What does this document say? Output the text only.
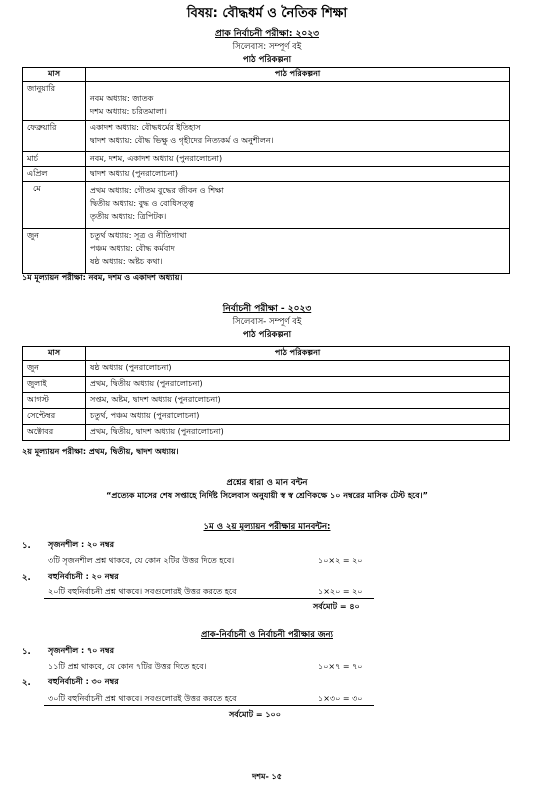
বিষয়: বৌদ্ধধর্ম ও নৈতিক শিক্ষা
প্রাক নির্বাচনী পরীক্ষা: ২০২৩
সিলেবাস: সম্পূর্ণ বই
পাঠ পরিকল্পনা
মাস	পাঠ পরিকল্পনা

জানুয়ারি	নবম অধ্যায়: জাতক
দশম অধ্যায়: চরিতমালা।

ফেব্রুয়ারি	একাদশ অধ্যায়: বৌদ্ধধর্মের ইতিহাস
দ্বাদশ অধ্যায়: বৌদ্ধ ভিক্ষু ও গৃহীদের নিত্যকর্ম ও অনুশীলন।

মার্চ	নবম, দশম, একাদশ অধ্যায় (পুনরালোচনা)

এপ্রিল	দ্বাদশ অধ্যায় (পুনরালোচনা)

মে	প্রথম অধ্যায়: গৌতম বুদ্ধের জীবন ও শিক্ষা
দ্বিতীয় অধ্যায়: বুদ্ধ ও বোধিসত্ত্ব
তৃতীয় অধ্যায়: ত্রিপিটক।

জুন	চতুর্থ অধ্যায়: সূত্র ও নীতিগাথা
পঞ্চম অধ্যায়: বৌদ্ধ কর্মবাদ
ষষ্ঠ অধ্যায়: অষ্টচ কথা।
১ম মূল্যায়ন পরীক্ষা: নবম, দশম ও একাদশ অধ্যায়।
নির্বাচনী পরীক্ষা - ২০২৩
সিলেবাস- সম্পূর্ণ বই
পাঠ পরিকল্পনা
মাস	পাঠ পরিকল্পনা

জুন	ষষ্ঠ অধ্যায় (পুনরালোচনা)

জুলাই	প্রথম, দ্বিতীয় অধ্যায় (পুনরালোচনা)

আগস্ট	সপ্তম, অষ্টম, দ্বাদশ অধ্যায় (পুনরালোচনা)

সেপ্টেম্বর	চতুর্থ, পঞ্চম অধ্যায় (পুনরালোচনা)

অক্টোবর	প্রথম, দ্বিতীয়, দ্বাদশ অধ্যায় (পুনরালোচনা)
২য় মূল্যায়ন পরীক্ষা: প্রথম, দ্বিতীয়, দ্বাদশ অধ্যায়।
প্রশ্নের ধারা ও মান বন্টন
“প্রত্যেক মাসের শেষ সপ্তাহে নির্দিষ্ট সিলেবাস অনুযায়ী স্ব স্ব শ্রেণিকক্ষে ১০ নম্বরের মাসিক টেস্ট হবে।”
১ম ও ২য় মূল্যায়ন পরীক্ষার মানবন্টন:
১. সৃজনশীল : ২০ নম্বর
৩টি সৃজনশীল প্রশ্ন থাকবে, যে কোন ২টির উত্তর দিতে হবে।	১০×২ = ২০
২. বহুনির্বাচনী : ২০ নম্বর
২০টি বহুনির্বাচনী প্রশ্ন থাকবে। সবগুলোরই উত্তর করতে হবে	১×২০ = ২০
সর্বমোট = ৪০
প্রাক-নির্বাচনী ও নির্বাচনী পরীক্ষার জন্য
১. সৃজনশীল : ৭০ নম্বর
১১টি প্রশ্ন থাকবে, যে কোন ৭টির উত্তর দিতে হবে।	১০×৭ = ৭০
২. বহুনির্বাচনী : ৩০ নম্বর
৩০টি বহুনির্বাচনী প্রশ্ন থাকবে। সবগুলোরই উত্তর করতে হবে	১×৩০ = ৩০
সর্বমোট = ১০০
দশম- ১৫
